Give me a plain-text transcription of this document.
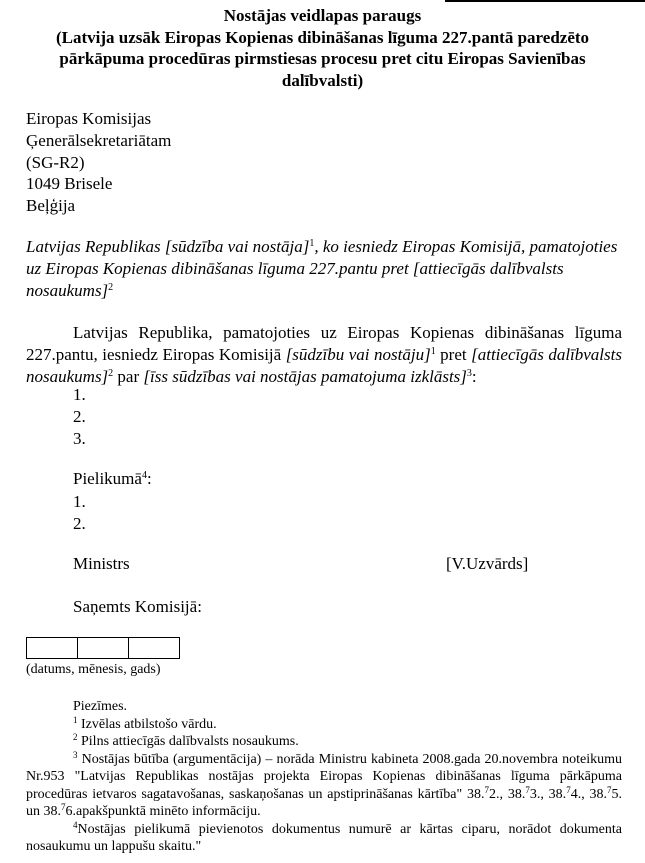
Nostājas veidlapas paraugs
(Latvija uzsāk Eiropas Kopienas dibināšanas līguma 227.pantā paredzēto
pārkāpuma procedūras pirmstiesas procesu pret citu Eiropas Savienības
dalībvalsti)
Eiropas Komisijas
Ģenerālsekretariātam
(SG-R2)
1049 Brisele
Beļģija
Latvijas Republikas [sūdzība vai nostāja]$^1$, ko iesniedz Eiropas Komisijā, pamatojoties uz Eiropas Kopienas dibināšanas līguma 227.pantu pret [attiecīgās dalībvalsts nosaukums]$^2$
Latvijas Republika, pamatojoties uz Eiropas Kopienas dibināšanas līguma 227.pantu, iesniedz Eiropas Komisijā [sūdzību vai nostāju]$^1$ pret [attiecīgās dalībvalsts nosaukums]$^2$ par [īss sūdzības vai nostājas pamatojuma izklāsts]$^3$:
1.
2.
3.
Pielikumā$^4$:
1.
2.
Ministrs	[V.Uzvārds]
Saņemts Komisijā:
(datums, mēnesis, gads)
Piezīmes.
$^1$ Izvēlas atbilstošo vārdu.
$^2$ Pilns attiecīgās dalībvalsts nosaukums.
$^3$ Nostājas būtība (argumentācija) – norāda Ministru kabineta 2008.gada 20.novembra noteikumu Nr.953 "Latvijas Republikas nostājas projekta Eiropas Kopienas dibināšanas līguma pārkāpuma procedūras ietvaros sagatavošanas, saskaņošanas un apstiprināšanas kārtība" 38.$^7$2., 38.$^7$3., 38.$^7$4., 38.$^7$5. un 38.$^7$6.apakšpunktā minēto informāciju.
$^4$Nostājas pielikumā pievienotos dokumentus numurē ar kārtas ciparu, norādot dokumenta nosaukumu un lappušu skaitu."
